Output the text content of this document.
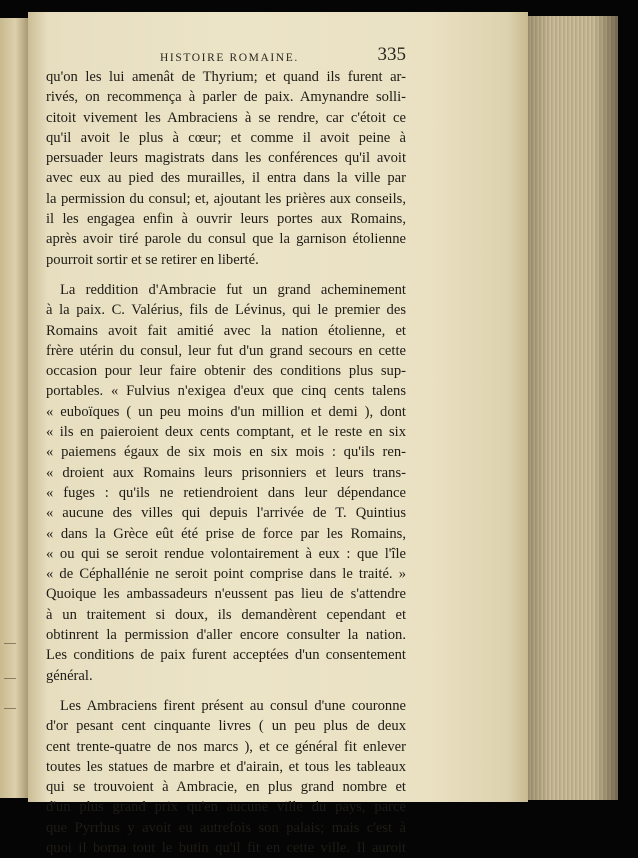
HISTOIRE ROMAINE.	335
qu'on les lui amenât de Thyrium; et quand ils furent ar-
rivés, on recommença à parler de paix. Amynandre solli-
citoit vivement les Ambraciens à se rendre, car c'étoit ce
qu'il avoit le plus à cœur; et comme il avoit peine à
persuader leurs magistrats dans les conférences qu'il avoit
avec eux au pied des murailles, il entra dans la ville par
la permission du consul; et, ajoutant les prières aux conseils,
il les engagea enfin à ouvrir leurs portes aux Romains,
après avoir tiré parole du consul que la garnison étolienne
pourroit sortir et se retirer en liberté.
La reddition d'Ambracie fut un grand acheminement
à la paix. C. Valérius, fils de Lévinus, qui le premier des
Romains avoit fait amitié avec la nation étolienne, et
frère utérin du consul, leur fut d'un grand secours en cette
occasion pour leur faire obtenir des conditions plus sup-
portables. « Fulvius n'exigea d'eux que cinq cents talens
« euboïques ( un peu moins d'un million et demi ), dont
« ils en paieroient deux cents comptant, et le reste en six
« paiemens égaux de six mois en six mois : qu'ils ren-
« droient aux Romains leurs prisonniers et leurs trans-
« fuges : qu'ils ne retiendroient dans leur dépendance
« aucune des villes qui depuis l'arrivée de T. Quintius
« dans la Grèce eût été prise de force par les Romains,
« ou qui se seroit rendue volontairement à eux : que l'île
« de Céphallénie ne seroit point comprise dans le traité. »
Quoique les ambassadeurs n'eussent pas lieu de s'attendre
à un traitement si doux, ils demandèrent cependant et
obtinrent la permission d'aller encore consulter la nation.
Les conditions de paix furent acceptées d'un consentement
général.
Les Ambraciens firent présent au consul d'une couronne
d'or pesant cent cinquante livres ( un peu plus de deux
cent trente-quatre de nos marcs ), et ce général fit enlever
toutes les statues de marbre et d'airain, et tous les tableaux
qui se trouvoient à Ambracie, en plus grand nombre et
d'un plus grand prix qu'en aucune ville du pays, parce
que Pyrrhus y avoit eu autrefois son palais; mais c'est à
quoi il borna tout le butin qu'il fit en cette ville. Il auroit
